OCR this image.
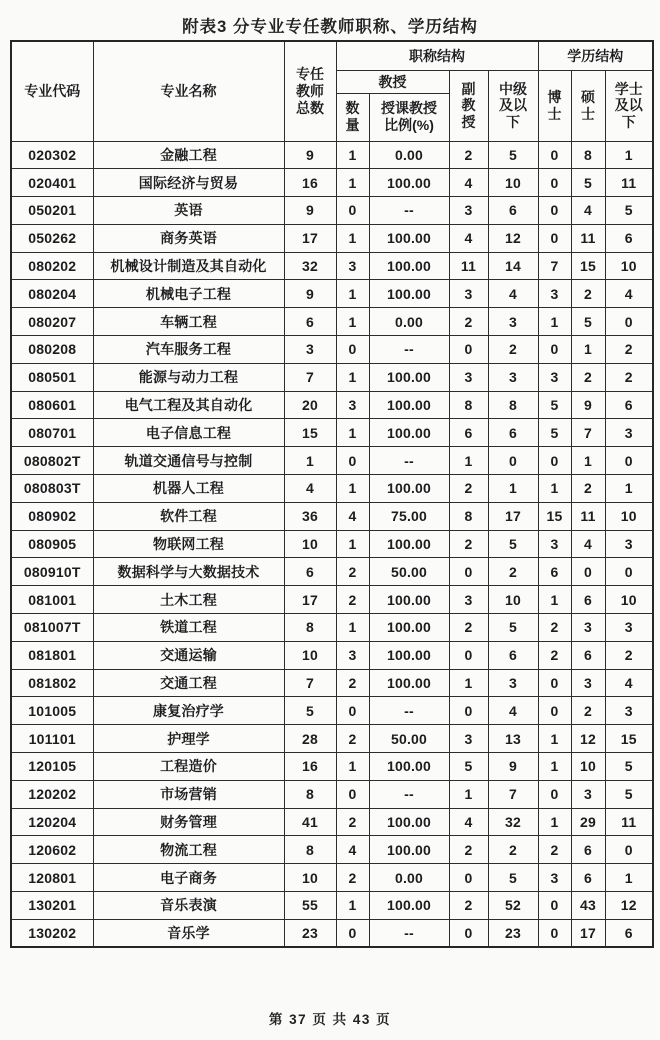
附表3 分专业专任教师职称、学历结构
专业代码	专业名称	专任教师总数	职称结构				学历结构		
			教授		副教授	中级及以下	博士	硕士	学士及以下
			数量	授课教授比例(%)					
020302	金融工程	9	1	0.00	2	5	0	8	1
020401	国际经济与贸易	16	1	100.00	4	10	0	5	11
050201	英语	9	0	--	3	6	0	4	5
050262	商务英语	17	1	100.00	4	12	0	11	6
080202	机械设计制造及其自动化	32	3	100.00	11	14	7	15	10
080204	机械电子工程	9	1	100.00	3	4	3	2	4
080207	车辆工程	6	1	0.00	2	3	1	5	0
080208	汽车服务工程	3	0	--	0	2	0	1	2
080501	能源与动力工程	7	1	100.00	3	3	3	2	2
080601	电气工程及其自动化	20	3	100.00	8	8	5	9	6
080701	电子信息工程	15	1	100.00	6	6	5	7	3
080802T	轨道交通信号与控制	1	0	--	1	0	0	1	0
080803T	机器人工程	4	1	100.00	2	1	1	2	1
080902	软件工程	36	4	75.00	8	17	15	11	10
080905	物联网工程	10	1	100.00	2	5	3	4	3
080910T	数据科学与大数据技术	6	2	50.00	0	2	6	0	0
081001	土木工程	17	2	100.00	3	10	1	6	10
081007T	铁道工程	8	1	100.00	2	5	2	3	3
081801	交通运输	10	3	100.00	0	6	2	6	2
081802	交通工程	7	2	100.00	1	3	0	3	4
101005	康复治疗学	5	0	--	0	4	0	2	3
101101	护理学	28	2	50.00	3	13	1	12	15
120105	工程造价	16	1	100.00	5	9	1	10	5
120202	市场营销	8	0	--	1	7	0	3	5
120204	财务管理	41	2	100.00	4	32	1	29	11
120602	物流工程	8	4	100.00	2	2	2	6	0
120801	电子商务	10	2	0.00	0	5	3	6	1
130201	音乐表演	55	1	100.00	2	52	0	43	12
130202	音乐学	23	0	--	0	23	0	17	6
第 37 页 共 43 页
